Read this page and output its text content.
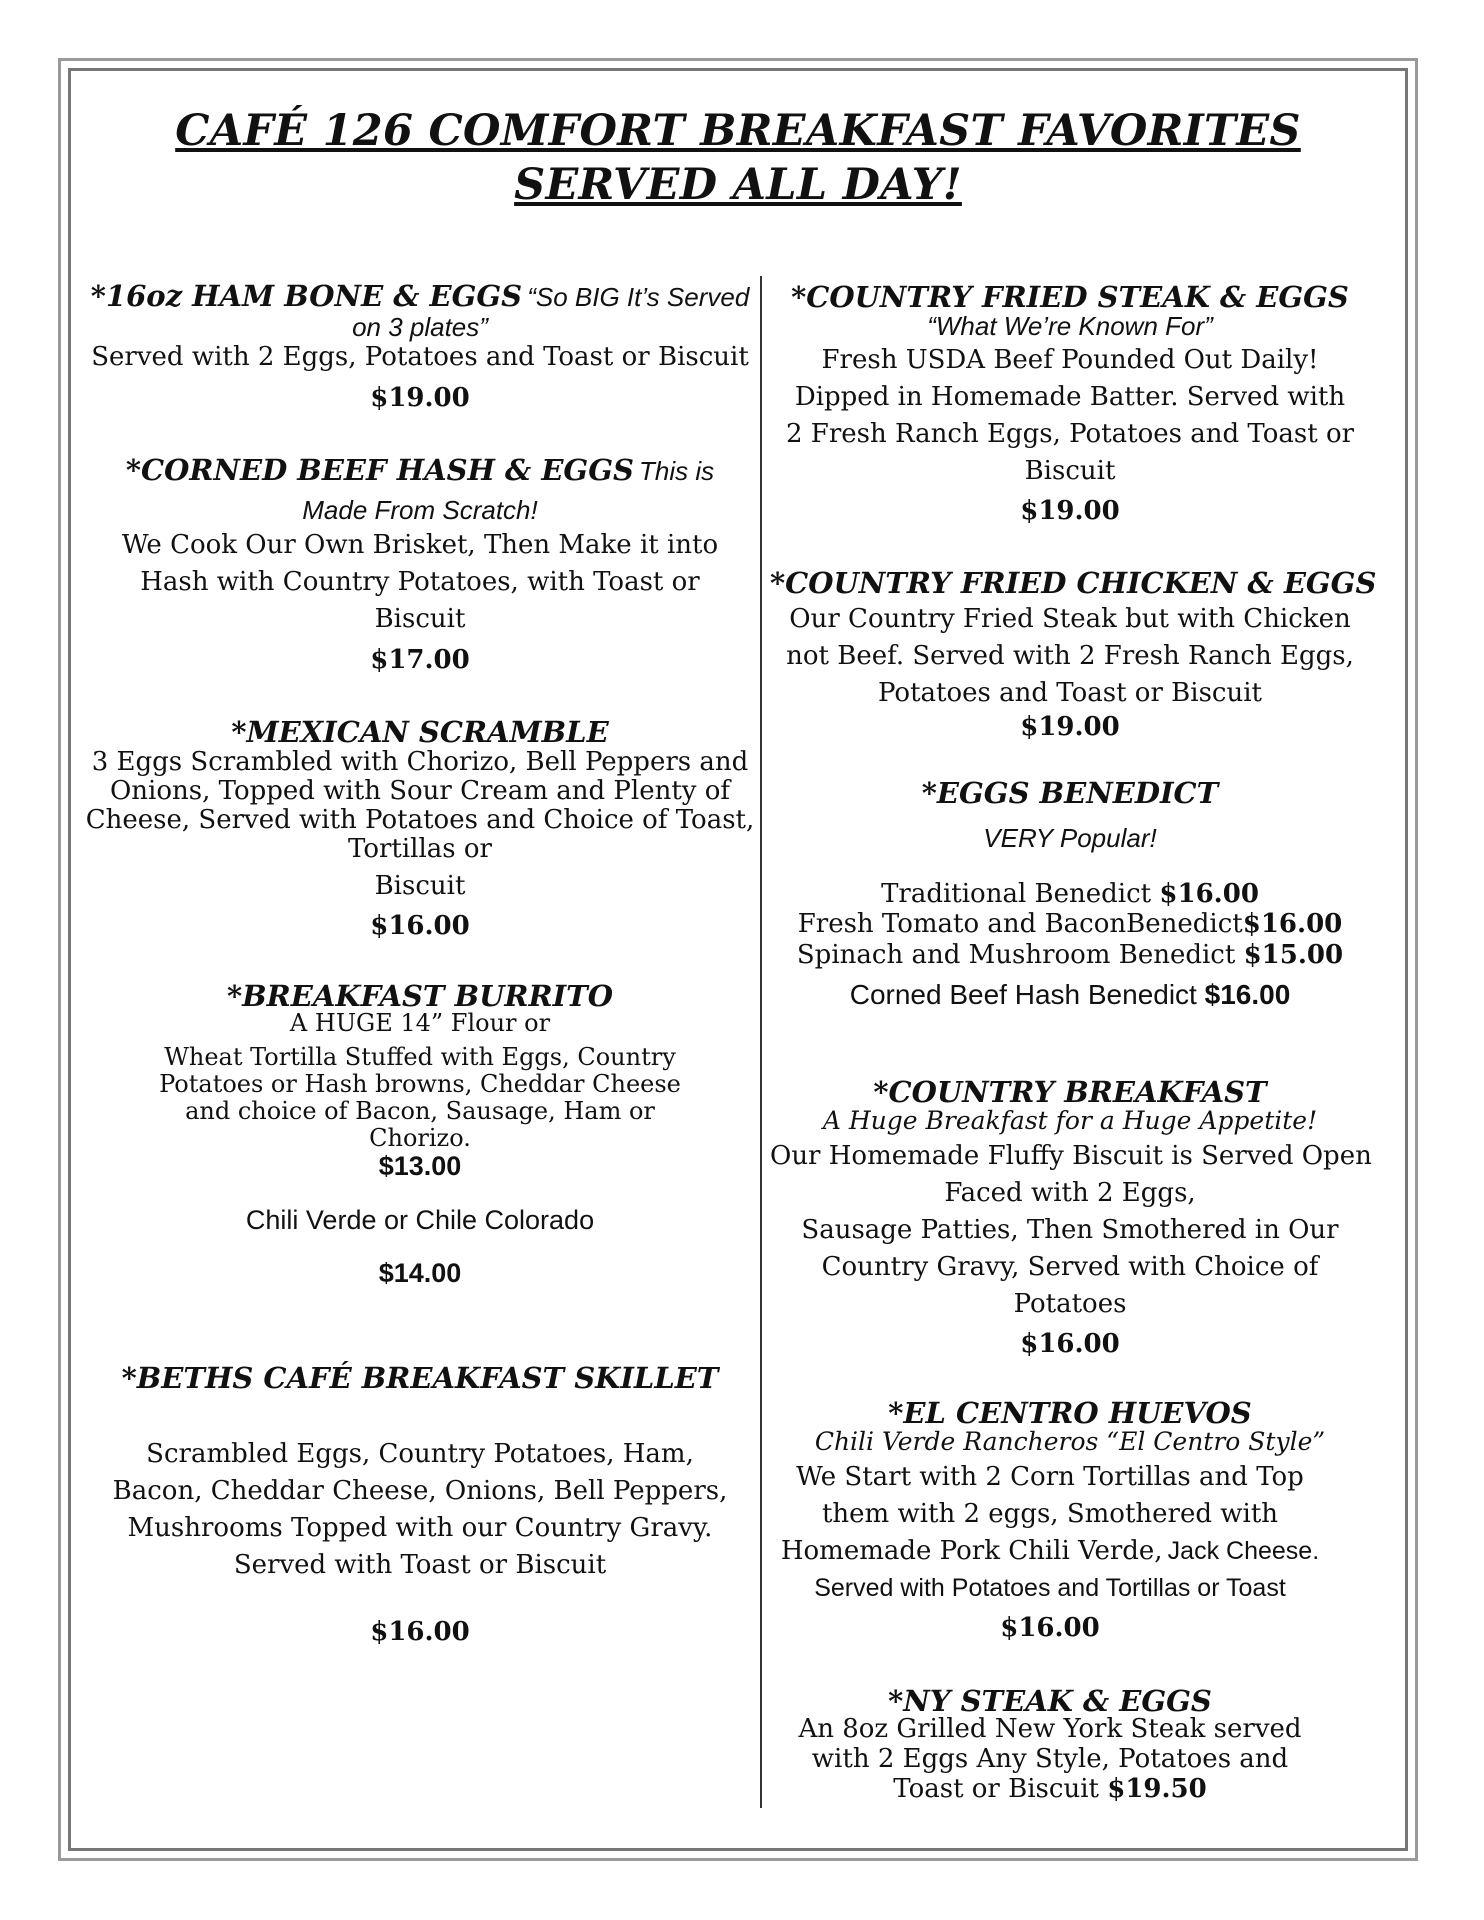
CAFÉ 126 COMFORT BREAKFAST FAVORITES
SERVED ALL DAY!
*16oz HAM BONE & EGGS “So BIG It’s Served
on 3 plates”
Served with 2 Eggs, Potatoes and Toast or Biscuit
$19.00
*CORNED BEEF HASH & EGGS This is
Made From Scratch!
We Cook Our Own Brisket, Then Make it into
Hash with Country Potatoes, with Toast or
Biscuit
$17.00
*MEXICAN SCRAMBLE
3 Eggs Scrambled with Chorizo, Bell Peppers and
Onions, Topped with Sour Cream and Plenty of
Cheese, Served with Potatoes and Choice of Toast,
Tortillas or
Biscuit
$16.00
*BREAKFAST BURRITO
A HUGE 14” Flour or
Wheat Tortilla Stuffed with Eggs, Country
Potatoes or Hash browns, Cheddar Cheese
and choice of Bacon, Sausage, Ham or
Chorizo.
$13.00
Chili Verde or Chile Colorado
$14.00
*BETHS CAFÉ BREAKFAST SKILLET
Scrambled Eggs, Country Potatoes, Ham,
Bacon, Cheddar Cheese, Onions, Bell Peppers,
Mushrooms Topped with our Country Gravy.
Served with Toast or Biscuit
$16.00
*COUNTRY FRIED STEAK & EGGS
“What We’re Known For”
Fresh USDA Beef Pounded Out Daily!
Dipped in Homemade Batter. Served with
2 Fresh Ranch Eggs, Potatoes and Toast or
Biscuit
$19.00
*COUNTRY FRIED CHICKEN & EGGS
Our Country Fried Steak but with Chicken
not Beef. Served with 2 Fresh Ranch Eggs,
Potatoes and Toast or Biscuit
$19.00
*EGGS BENEDICT
VERY Popular!
Traditional Benedict $16.00
Fresh Tomato and BaconBenedict$16.00
Spinach and Mushroom Benedict $15.00
Corned Beef Hash Benedict $16.00
*COUNTRY BREAKFAST
A Huge Breakfast for a Huge Appetite!
Our Homemade Fluffy Biscuit is Served Open
Faced with 2 Eggs,
Sausage Patties, Then Smothered in Our
Country Gravy, Served with Choice of
Potatoes
$16.00
*EL CENTRO HUEVOS
Chili Verde Rancheros “El Centro Style”
We Start with 2 Corn Tortillas and Top
them with 2 eggs, Smothered with
Homemade Pork Chili Verde, Jack Cheese.
Served with Potatoes and Tortillas or Toast
$16.00
*NY STEAK & EGGS
An 8oz Grilled New York Steak served
with 2 Eggs Any Style, Potatoes and
Toast or Biscuit $19.50
